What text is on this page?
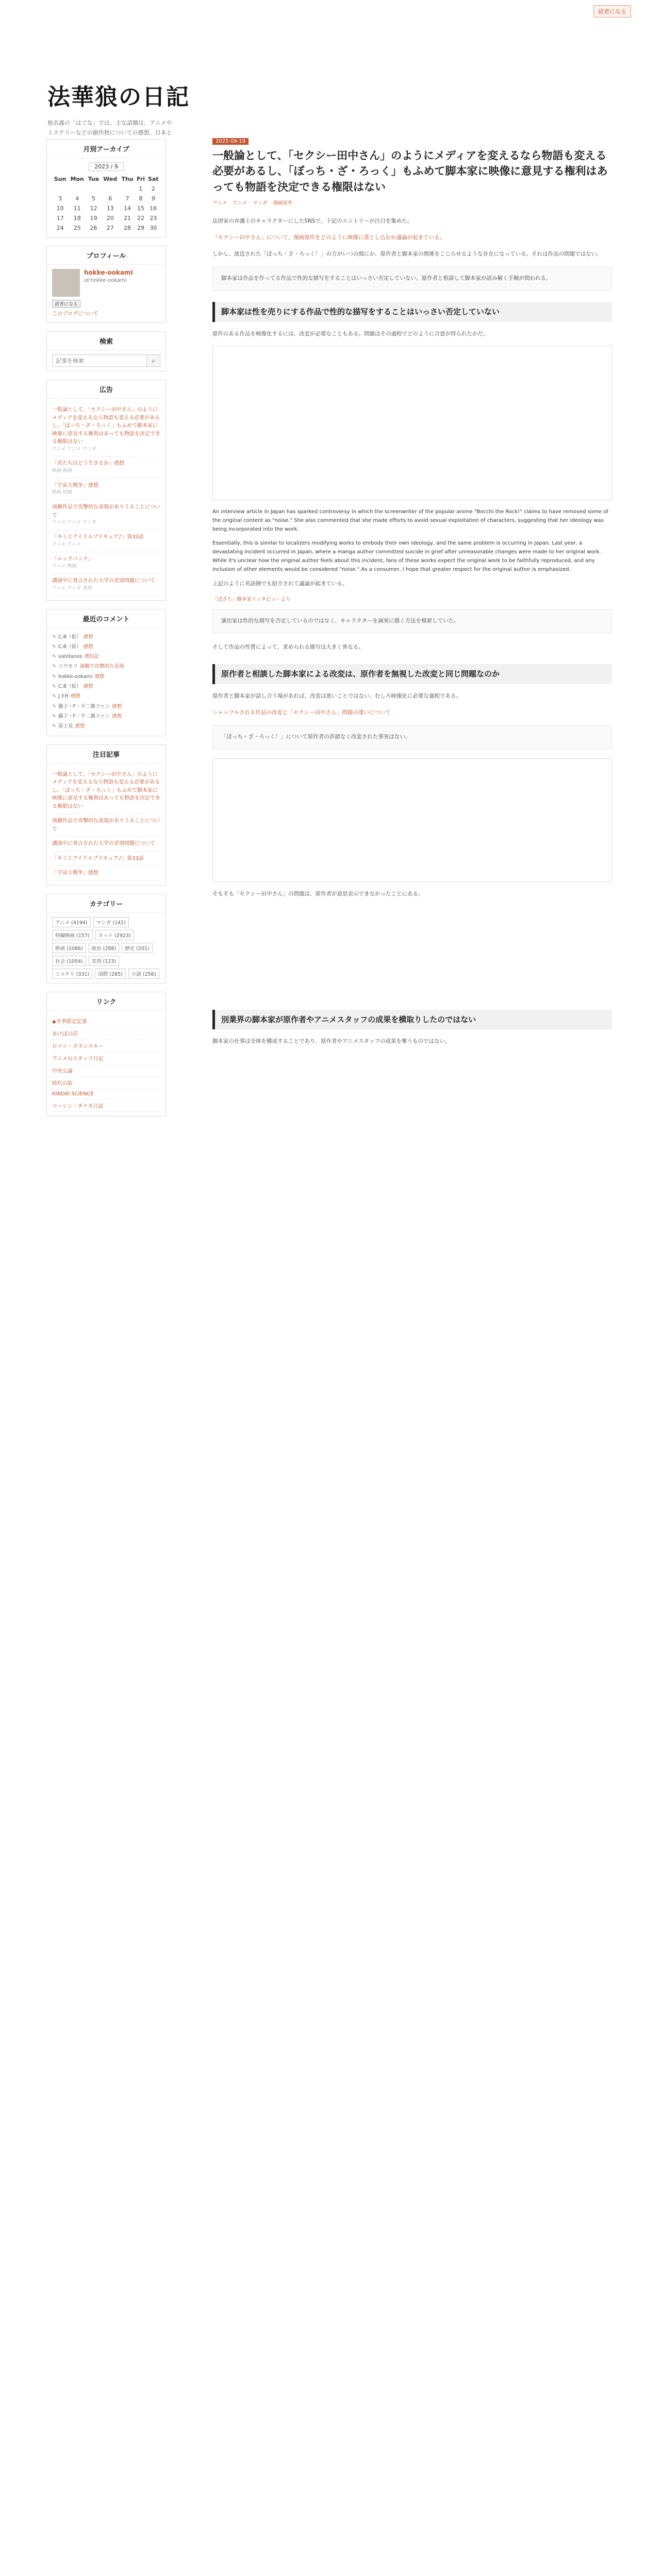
読者になる
法華狼の日記
他名義の「はてな」では、主な話題は、アニメやミステリーなどの創作物についての感想、日本と
月別アーカイブ
2023 / 9
Sun	Mon	Tue	Wed	Thu	Fri	Sat
					1	2
3	4	5	6	7	8	9
10	11	12	13	14	15	16
17	18	19	20	21	22	23
24	25	26	27	28	29	30
プロフィール
hokke-ookami
id:hokke-ookami
読者になる
このブログについて
検索
記事を検索
⌕
広告
一般論として、「セクシー田中さん」のようにメディアを変えるなら物語も変える必要があるし、「ぼっち・ざ・ろっく」もふめて脚本家に映像に意見する権利はあっても物語を決定できる権限はない
アニメ アニメ マンガ
「君たちはどう生きるか」感想
映画 映画
「宇宙大戦争」感想
映画 特撮
演劇作品で攻撃的な表現がありうることについて
アニメ アニメ マンガ
「キミとアイドルプリキュア♪」第33話
アニメ アニメ
「ルックバック」
アニメ 映画
講演中に発言された大学の差別問題について
アニメ マンガ 差別
最近のコメント
✎ C.B（仮） 感想
✎ C.B（仮） 感想
✎ vanitanos 漂泊記
✎ コウモリ 演劇で攻撃的な表現
✎ hokke-ookami 感想
✎ C.B（仮） 感想
✎ J.Y.H 感想
✎ 藤子・F・不二雄ファン 感想
✎ 藤子・F・不二雄ファン 感想
✎ 富士見 感想
注目記事
一般論として、「セクシー田中さん」のようにメディアを変えるなら物語も変える必要があるし、「ぼっち・ざ・ろっく」もふめて脚本家に映像に意見する権利はあっても物語を決定できる権限はない
演劇作品で攻撃的な表現がありうることについて
講演中に発言された大学の差別問題について
「キミとアイドルプリキュア♪」第33話
「宇宙大戦争」感想
カテゴリー
アニメ (4194)	マンガ (142)
特撮映画 (157)	ネット (2923)
映画 (1086)	政治 (288)	歴史 (201)
社会 (1054)	差別 (123)
ミステリ (331)	国際 (285)	小説 (256)
リンク
◆冬季限定記事
あけぼの荘
ロマン・ポランスキー
アニメのスタッフ日記
中央公論
時代の影
KINDAI SCIENCE
コーシン・タナカ日誌
2025-09-19
一般論として、「セクシー田中さん」のようにメディアを変えるなら物語も変える必要があるし、「ぼっち・ざ・ろっく」もふめて脚本家に映像に意見する権利はあっても物語を決定できる権限はない
アニメ アニメ マンガ 漫画原作

法律家の弁護士のキャラクターにしたSNSで、下記のエントリーが注目を集めた。

「セクシー田中さん」について、漫画原作をどのように映像に落とし込むか議論が起きている。

しかし、放送された「ぼっち・ざ・ろっく！」の方がいつの間にか、原作者と脚本家の関係をこじらせるような存在になっている。それは作品の問題ではない。

脚本家は作品を作ってる作品で性的な描写をすることはいっさい否定していない。原作者と相談して脚本家が読み解く手腕が問われる。
脚本家は性を売りにする作品で性的な描写をすることはいっさい否定していない

原作のある作品を映像化するには、改変が必要なこともある。問題はその過程でどのように合意が得られたかだ。

An interview article in Japan has sparked controversy in which the screenwriter of the popular anime "Bocchi the Rock!" claims to have removed some of the original content as "noise." She also commented that she made efforts to avoid sexual exploitation of characters, suggesting that her ideology was being incorporated into the work.

Essentially, this is similar to localizers modifying works to embody their own ideology, and the same problem is occurring in Japan. Last year, a devastating incident occurred in Japan, where a manga author committed suicide in grief after unreasonable changes were made to her original work. While it's unclear how the original author feels about this incident, fans of these works expect the original work to be faithfully reproduced, and any inclusion of other elements would be considered "noise." As a consumer, I hope that greater respect for the original author is emphasized.

上記のように英語圏でも紹介されて議論が起きている。

「ぼざろ」脚本家インタビューより
演出家は性的な描写を否定しているのではなく、キャラクターを誠実に描く方法を模索していた。

そして作品の性質によって、求められる描写は大きく異なる。

原作者と相談した脚本家による改変は、原作者を無視した改変と同じ問題なのか

原作者と脚本家が話し合う場があれば、改変は悪いことではない。むしろ映像化に必要な過程である。

シャッフルされる作品の改変と「セクシー田中さん」問題の違いについて

「ぼっち・ざ・ろっく！」について原作者の許諾なく改変された事実はない。

そもそも「セクシー田中さん」の問題は、原作者が意思表示できなかったことにある。

別業界の脚本家が原作者やアニメスタッフの成果を横取りしたのではない

脚本家の仕事は全体を構成することであり、原作者やアニメスタッフの成果を奪うものではない。
